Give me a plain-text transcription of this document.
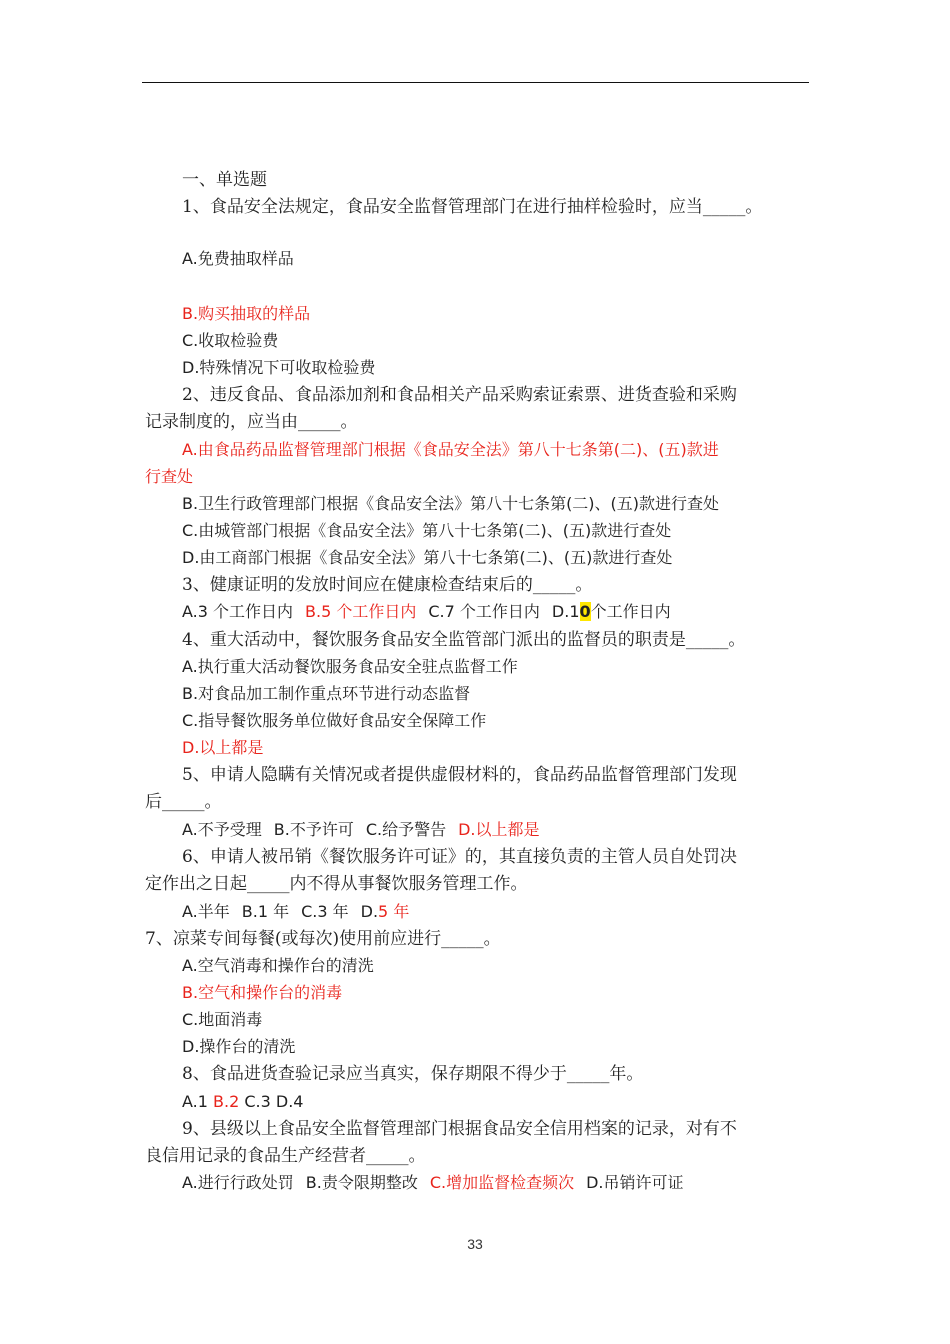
一、单选题
1、食品安全法规定，食品安全监督管理部门在进行抽样检验时，应当_____。
A.免费抽取样品
B.购买抽取的样品
C.收取检验费
D.特殊情况下可收取检验费
2、违反食品、食品添加剂和食品相关产品采购索证索票、进货查验和采购
记录制度的，应当由_____。
A.由食品药品监督管理部门根据《食品安全法》第八十七条第(二)、(五)款进
行查处
B.卫生行政管理部门根据《食品安全法》第八十七条第(二)、(五)款进行查处
C.由城管部门根据《食品安全法》第八十七条第(二)、(五)款进行查处
D.由工商部门根据《食品安全法》第八十七条第(二)、(五)款进行查处
3、健康证明的发放时间应在健康检查结束后的_____。
A.3 个工作日内 B.5 个工作日内 C.7 个工作日内 D.10个工作日内
4、重大活动中，餐饮服务食品安全监管部门派出的监督员的职责是_____。
A.执行重大活动餐饮服务食品安全驻点监督工作
B.对食品加工制作重点环节进行动态监督
C.指导餐饮服务单位做好食品安全保障工作
D.以上都是
5、申请人隐瞒有关情况或者提供虚假材料的，食品药品监督管理部门发现
后_____。
A.不予受理 B.不予许可 C.给予警告 D.以上都是
6、申请人被吊销《餐饮服务许可证》的，其直接负责的主管人员自处罚决
定作出之日起_____内不得从事餐饮服务管理工作。
A.半年 B.1 年 C.3 年 D.5 年
7、凉菜专间每餐(或每次)使用前应进行_____。
A.空气消毒和操作台的清洗
B.空气和操作台的消毒
C.地面消毒
D.操作台的清洗
8、食品进货查验记录应当真实，保存期限不得少于_____年。
A.1 B.2 C.3 D.4
9、县级以上食品安全监督管理部门根据食品安全信用档案的记录，对有不
良信用记录的食品生产经营者_____。
A.进行行政处罚 B.责令限期整改 C.增加监督检查频次 D.吊销许可证
33
